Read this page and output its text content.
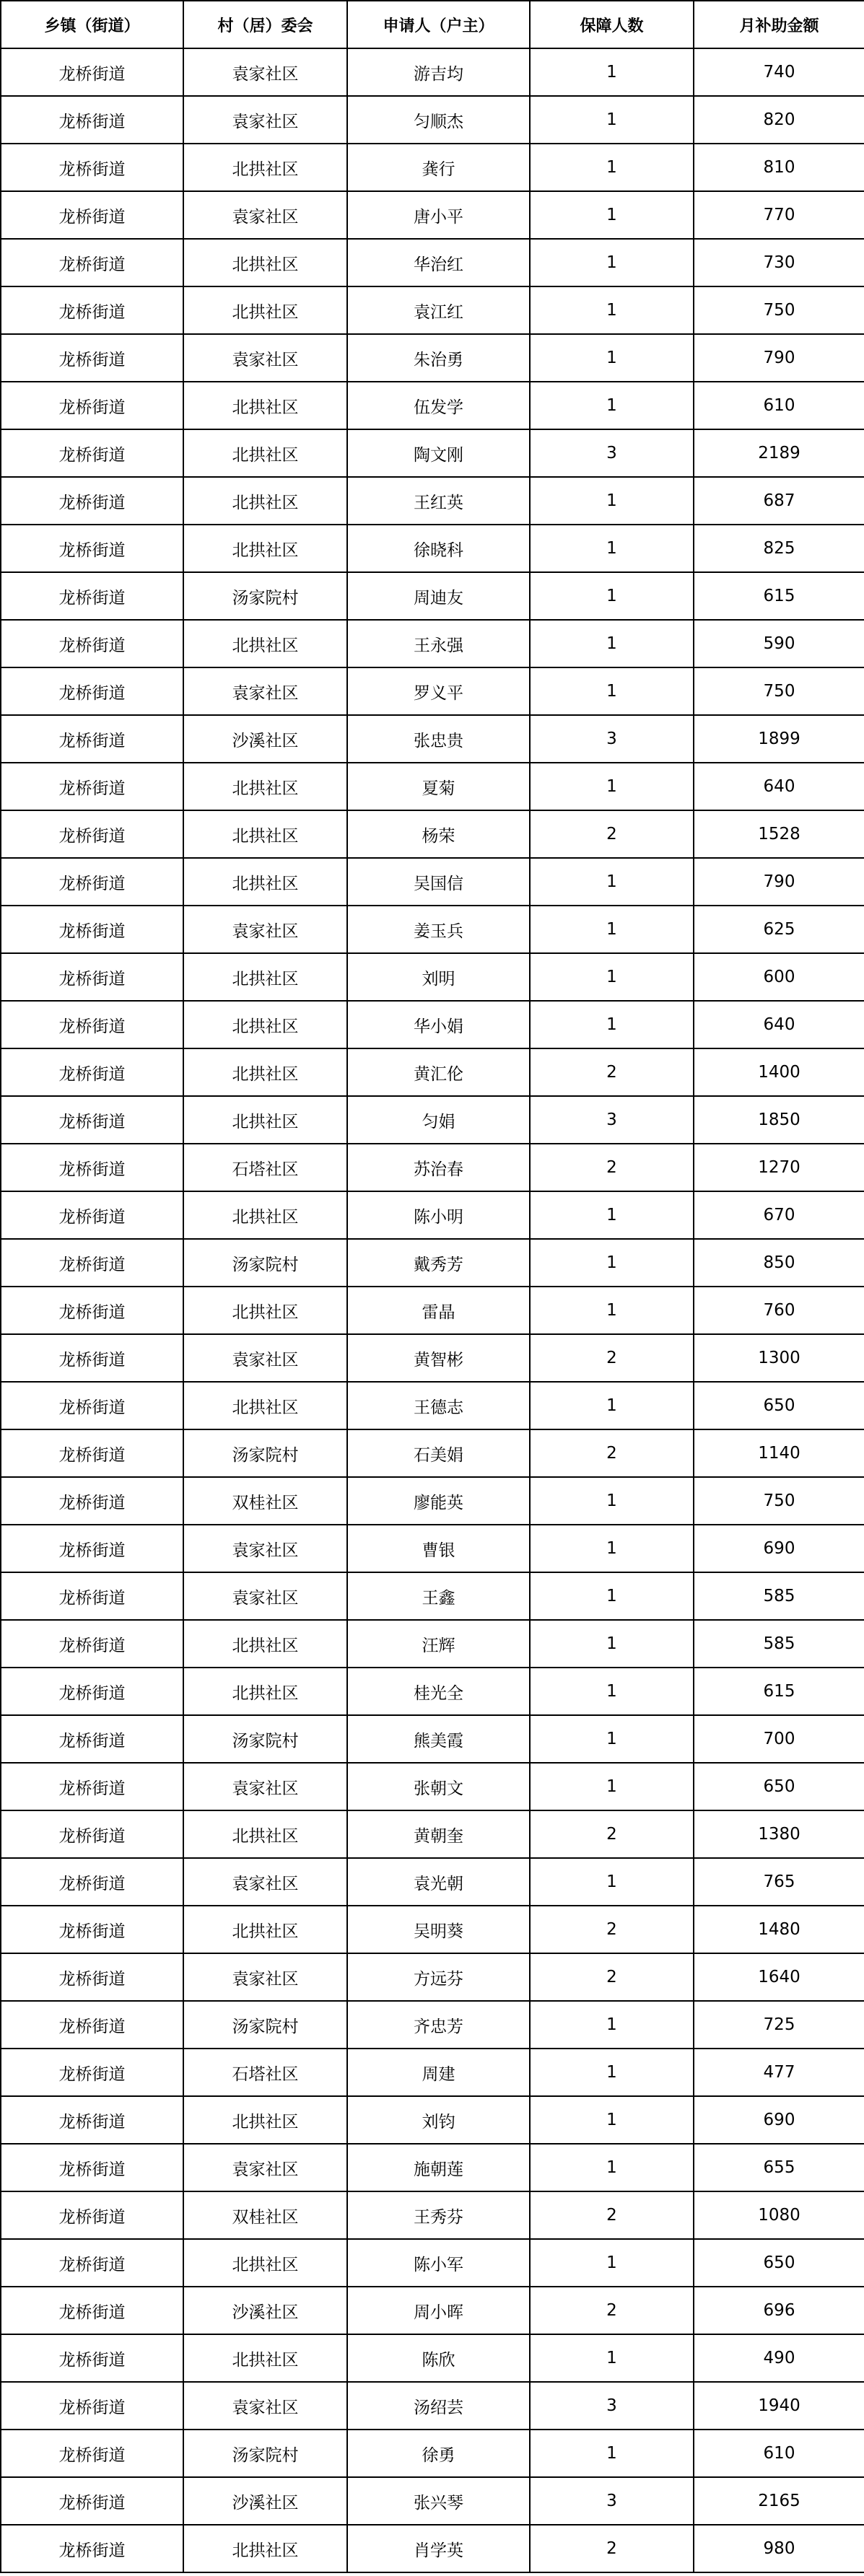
乡镇（街道）	村（居）委会	申请人（户主）	保障人数	月补助金额
龙桥街道	袁家社区	游吉均	1	740
龙桥街道	袁家社区	匀顺杰	1	820
龙桥街道	北拱社区	龚行	1	810
龙桥街道	袁家社区	唐小平	1	770
龙桥街道	北拱社区	华治红	1	730
龙桥街道	北拱社区	袁江红	1	750
龙桥街道	袁家社区	朱治勇	1	790
龙桥街道	北拱社区	伍发学	1	610
龙桥街道	北拱社区	陶文刚	3	2189
龙桥街道	北拱社区	王红英	1	687
龙桥街道	北拱社区	徐晓科	1	825
龙桥街道	汤家院村	周迪友	1	615
龙桥街道	北拱社区	王永强	1	590
龙桥街道	袁家社区	罗义平	1	750
龙桥街道	沙溪社区	张忠贵	3	1899
龙桥街道	北拱社区	夏菊	1	640
龙桥街道	北拱社区	杨荣	2	1528
龙桥街道	北拱社区	吴国信	1	790
龙桥街道	袁家社区	姜玉兵	1	625
龙桥街道	北拱社区	刘明	1	600
龙桥街道	北拱社区	华小娟	1	640
龙桥街道	北拱社区	黄汇伦	2	1400
龙桥街道	北拱社区	匀娟	3	1850
龙桥街道	石塔社区	苏治春	2	1270
龙桥街道	北拱社区	陈小明	1	670
龙桥街道	汤家院村	戴秀芳	1	850
龙桥街道	北拱社区	雷晶	1	760
龙桥街道	袁家社区	黄智彬	2	1300
龙桥街道	北拱社区	王德志	1	650
龙桥街道	汤家院村	石美娟	2	1140
龙桥街道	双桂社区	廖能英	1	750
龙桥街道	袁家社区	曹银	1	690
龙桥街道	袁家社区	王鑫	1	585
龙桥街道	北拱社区	汪辉	1	585
龙桥街道	北拱社区	桂光全	1	615
龙桥街道	汤家院村	熊美霞	1	700
龙桥街道	袁家社区	张朝文	1	650
龙桥街道	北拱社区	黄朝奎	2	1380
龙桥街道	袁家社区	袁光朝	1	765
龙桥街道	北拱社区	吴明葵	2	1480
龙桥街道	袁家社区	方远芬	2	1640
龙桥街道	汤家院村	齐忠芳	1	725
龙桥街道	石塔社区	周建	1	477
龙桥街道	北拱社区	刘钧	1	690
龙桥街道	袁家社区	施朝莲	1	655
龙桥街道	双桂社区	王秀芬	2	1080
龙桥街道	北拱社区	陈小军	1	650
龙桥街道	沙溪社区	周小晖	2	696
龙桥街道	北拱社区	陈欣	1	490
龙桥街道	袁家社区	汤绍芸	3	1940
龙桥街道	汤家院村	徐勇	1	610
龙桥街道	沙溪社区	张兴琴	3	2165
龙桥街道	北拱社区	肖学英	2	980
